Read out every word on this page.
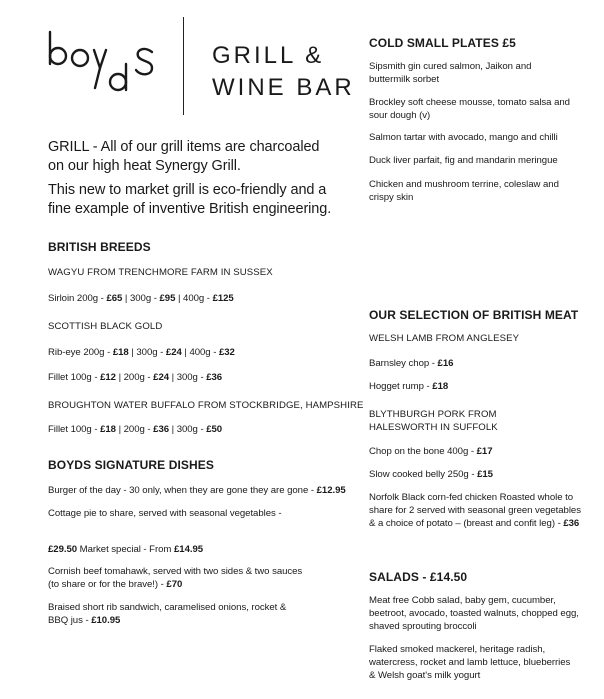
GRILL &
WINE BAR
GRILL - All of our grill items are charcoaled on our high heat Synergy Grill.
This new to market grill is eco-friendly and a fine example of inventive British engineering.
BRITISH BREEDS
WAGYU FROM TRENCHMORE FARM IN SUSSEX
Sirloin 200g - £65 | 300g - £95 | 400g - £125
SCOTTISH BLACK GOLD
Rib-eye 200g - £18 | 300g - £24 | 400g - £32
Fillet 100g - £12 | 200g - £24 | 300g - £36
BROUGHTON WATER BUFFALO FROM STOCKBRIDGE, HAMPSHIRE
Fillet 100g - £18 | 200g - £36 | 300g - £50
BOYDS SIGNATURE DISHES
Burger of the day - 30 only, when they are gone they are gone - £12.95
Cottage pie to share, served with seasonal vegetables -
£29.50 Market special - From £14.95
Cornish beef tomahawk, served with two sides & two sauces (to share or for the brave!) - £70
Braised short rib sandwich, caramelised onions, rocket & BBQ jus - £10.95
COLD SMALL PLATES £5
Sipsmith gin cured salmon, Jaikon and buttermilk sorbet
Brockley soft cheese mousse, tomato salsa and sour dough (v)
Salmon tartar with avocado, mango and chilli
Duck liver parfait, fig and mandarin meringue
Chicken and mushroom terrine, coleslaw and crispy skin
OUR SELECTION OF BRITISH MEAT
WELSH LAMB FROM ANGLESEY
Barnsley chop - £16
Hogget rump - £18
BLYTHBURGH PORK FROM HALESWORTH IN SUFFOLK
Chop on the bone 400g - £17
Slow cooked belly 250g - £15
Norfolk Black corn-fed chicken Roasted whole to share for 2 served with seasonal green vegetables & a choice of potato – (breast and confit leg) - £36
SALADS - £14.50
Meat free Cobb salad, baby gem, cucumber, beetroot, avocado, toasted walnuts, chopped egg, shaved sprouting broccoli
Flaked smoked mackerel, heritage radish, watercress, rocket and lamb lettuce, blueberries & Welsh goat's milk yogurt
